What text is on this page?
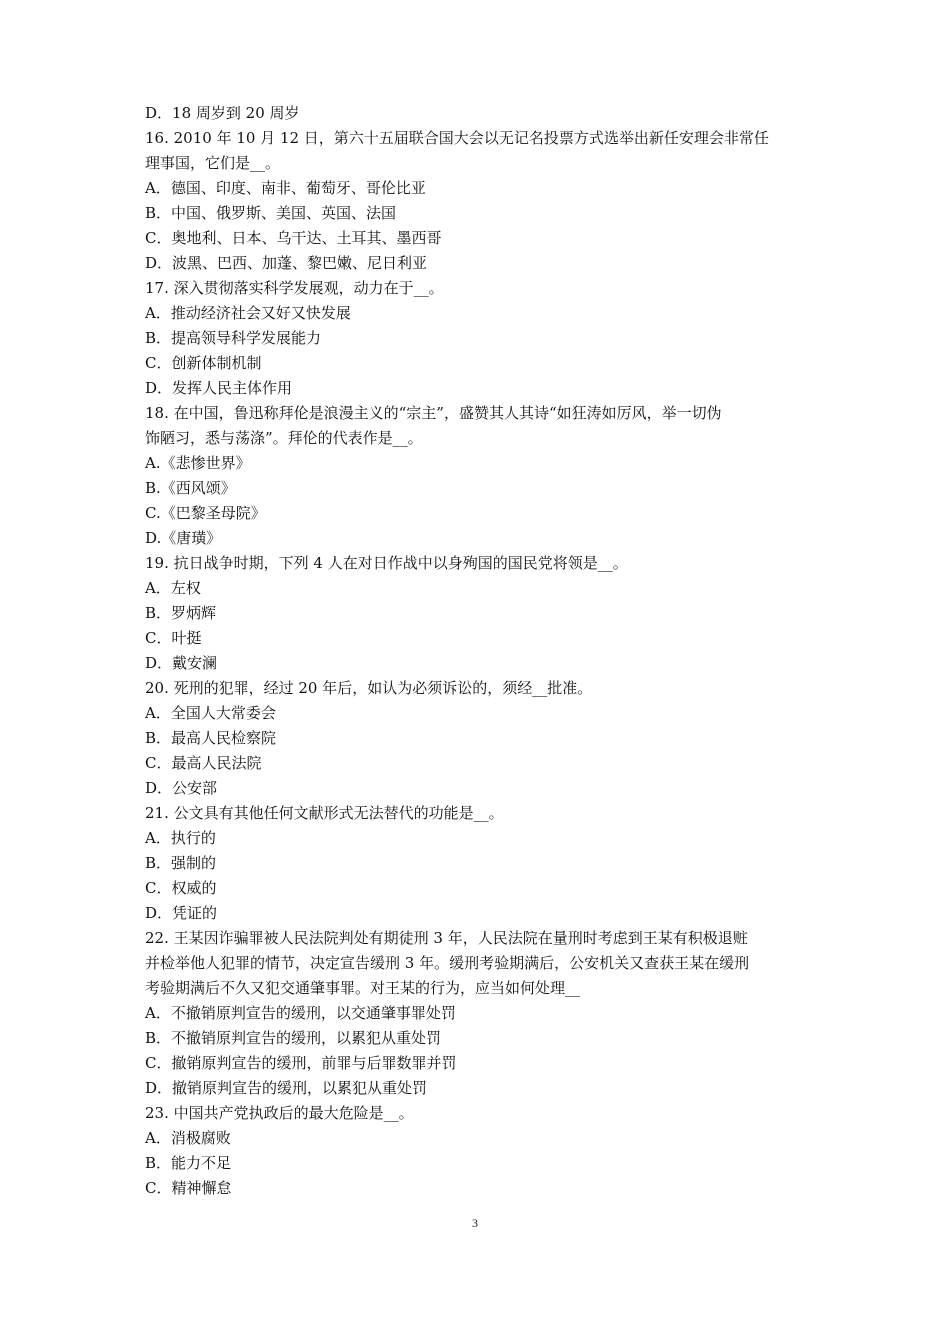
D．18 周岁到 20 周岁
16. 2010 年 10 月 12 日，第六十五届联合国大会以无记名投票方式选举出新任安理会非常任
理事国，它们是__。
A．德国、印度、南非、葡萄牙、哥伦比亚
B．中国、俄罗斯、美国、英国、法国
C．奥地利、日本、乌干达、土耳其、墨西哥
D．波黑、巴西、加蓬、黎巴嫩、尼日利亚
17. 深入贯彻落实科学发展观，动力在于__。
A．推动经济社会又好又快发展
B．提高领导科学发展能力
C．创新体制机制
D．发挥人民主体作用
18. 在中国，鲁迅称拜伦是浪漫主义的“宗主”，盛赞其人其诗“如狂涛如厉风，举一切伪
饰陋习，悉与荡涤”。拜伦的代表作是__。
A.《悲惨世界》
B.《西风颂》
C.《巴黎圣母院》
D.《唐璜》
19. 抗日战争时期，下列 4 人在对日作战中以身殉国的国民党将领是__。
A．左权
B．罗炳辉
C．叶挺
D．戴安澜
20. 死刑的犯罪，经过 20 年后，如认为必须诉讼的，须经__批准。
A．全国人大常委会
B．最高人民检察院
C．最高人民法院
D．公安部
21. 公文具有其他任何文献形式无法替代的功能是__。
A．执行的
B．强制的
C．权威的
D．凭证的
22. 王某因诈骗罪被人民法院判处有期徒刑 3 年，人民法院在量刑时考虑到王某有积极退赃
并检举他人犯罪的情节，决定宣告缓刑 3 年。缓刑考验期满后，公安机关又查获王某在缓刑
考验期满后不久又犯交通肇事罪。对王某的行为，应当如何处理__
A．不撤销原判宣告的缓刑，以交通肇事罪处罚
B．不撤销原判宣告的缓刑，以累犯从重处罚
C．撤销原判宣告的缓刑，前罪与后罪数罪并罚
D．撤销原判宣告的缓刑，以累犯从重处罚
23. 中国共产党执政后的最大危险是__。
A．消极腐败
B．能力不足
C．精神懈怠
3
